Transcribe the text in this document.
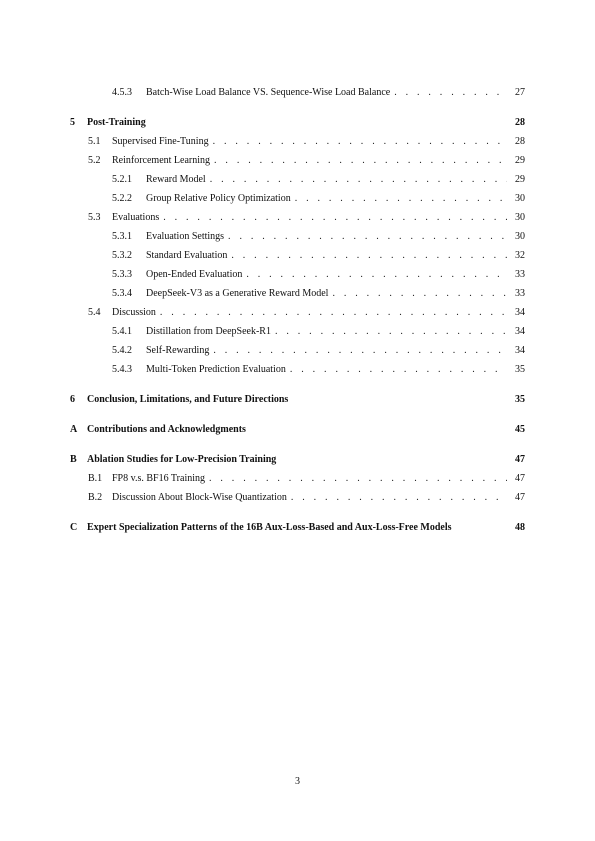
4.5.3	Batch-Wise Load Balance VS. Sequence-Wise Load Balance . . .	27
5	Post-Training	28
5.1	Supervised Fine-Tuning . . .	28
5.2	Reinforcement Learning . . .	29
5.2.1	Reward Model . . .	29
5.2.2	Group Relative Policy Optimization . . .	30
5.3	Evaluations . . .	30
5.3.1	Evaluation Settings . . .	30
5.3.2	Standard Evaluation . . .	32
5.3.3	Open-Ended Evaluation . . .	33
5.3.4	DeepSeek-V3 as a Generative Reward Model . . .	33
5.4	Discussion . . .	34
5.4.1	Distillation from DeepSeek-R1 . . .	34
5.4.2	Self-Rewarding . . .	34
5.4.3	Multi-Token Prediction Evaluation . . .	35
6	Conclusion, Limitations, and Future Directions	35
A Contributions and Acknowledgments	45
B	Ablation Studies for Low-Precision Training	47
B.1 FP8 v.s. BF16 Training . . .	47
B.2 Discussion About Block-Wise Quantization . . .	47
C Expert Specialization Patterns of the 16B Aux-Loss-Based and Aux-Loss-Free Models	48
3
